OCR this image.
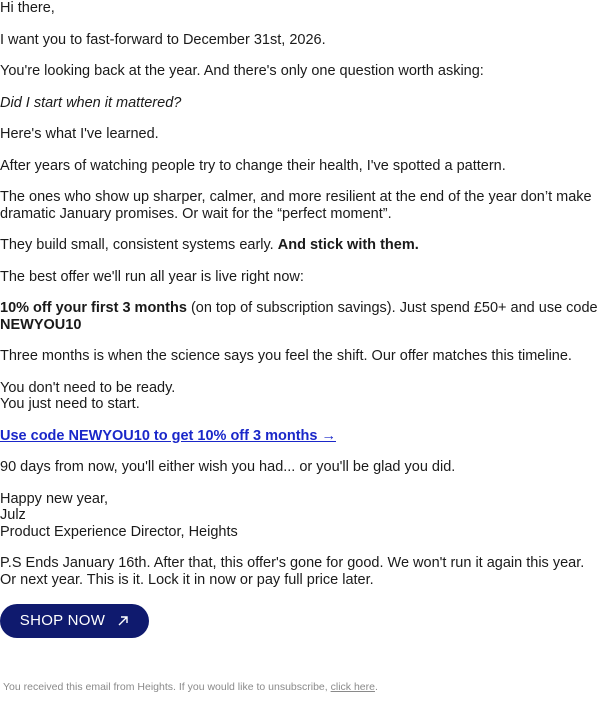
Hi there,

I want you to fast-forward to December 31st, 2026.

You're looking back at the year. And there's only one question worth asking:

Did I start when it mattered?

Here's what I've learned.

After years of watching people try to change their health, I've spotted a pattern.

The ones who show up sharper, calmer, and more resilient at the end of the year don’t make dramatic January promises. Or wait for the “perfect moment”.

They build small, consistent systems early. And stick with them.

The best offer we'll run all year is live right now:

10% off your first 3 months (on top of subscription savings). Just spend £50+ and use code NEWYOU10

Three months is when the science says you feel the shift. Our offer matches this timeline.

You don't need to be ready.
You just need to start.

Use code NEWYOU10 to get 10% off 3 months →

90 days from now, you'll either wish you had... or you'll be glad you did.

Happy new year,
Julz
Product Experience Director, Heights

P.S Ends January 16th. After that, this offer's gone for good. We won't run it again this year. Or next year. This is it. Lock it in now or pay full price later.

SHOP NOW
You received this email from Heights. If you would like to unsubscribe, click here.
